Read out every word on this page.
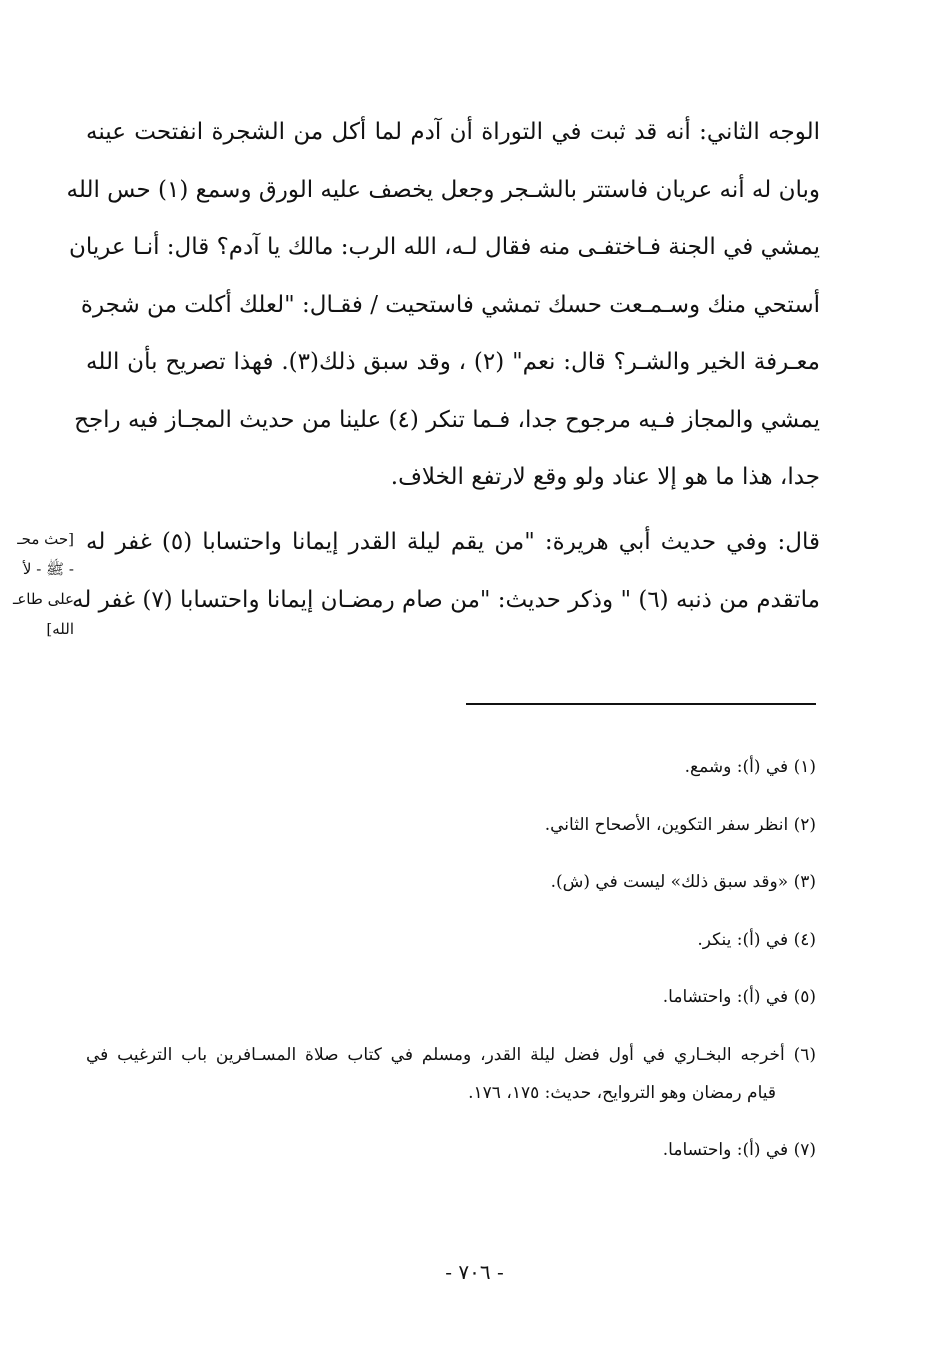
الوجه الثاني: أنه قد ثبت في التوراة أن آدم لما أكل من الشجرة انفتحت عينه
وبان له أنه عريان فاستتر بالشـجر وجعل يخصف عليه الورق وسمع (١) حس الله
يمشي في الجنة فـاختفـى منه فقال لـه، الله الرب: مالك يا آدم؟ قال: أنـا عريان
أستحي منك وسـمـعت حسك تمشي فاستحيت / فقـال: "لعلك أكلت من شجرة
معـرفة الخير والشـر؟ قال: نعم" (٢) ، وقد سبق ذلك(٣). فهذا تصريح بأن الله
يمشي والمجاز فـيه مرجوح جدا، فـما تنكر (٤) علينا من حديث المجـاز فيه راجح
جدا، هذا ما هو إلا عناد ولو وقع لارتفع الخلاف.
قال: وفي حديث أبي هريرة: "من يقم ليلة القدر إيمانا واحتسابا (٥) غفر له
ماتقدم من ذنبه (٦) " وذكر حديث: "من صام رمضـان إيمانا واحتسابا (٧) غفر له
[حث محـ
- ﷺ - لأ
على طاعـ
الله]
(١) في (أ): وشمع.
(٢) انظر سفر التكوين، الأصحاح الثاني.
(٣) «وقد سبق ذلك» ليست في (ش).
(٤) في (أ): ينكر.
(٥) في (أ): واحتشاما.
(٦) أخرجه البخـاري في أول فضل ليلة القدر، ومسلم في كتاب صلاة المسـافرين باب الترغيب في
قيام رمضان وهو التروايح، حديث: ١٧٥، ١٧٦.
(٧) في (أ): واحتساما.
- ٧٠٦ -
